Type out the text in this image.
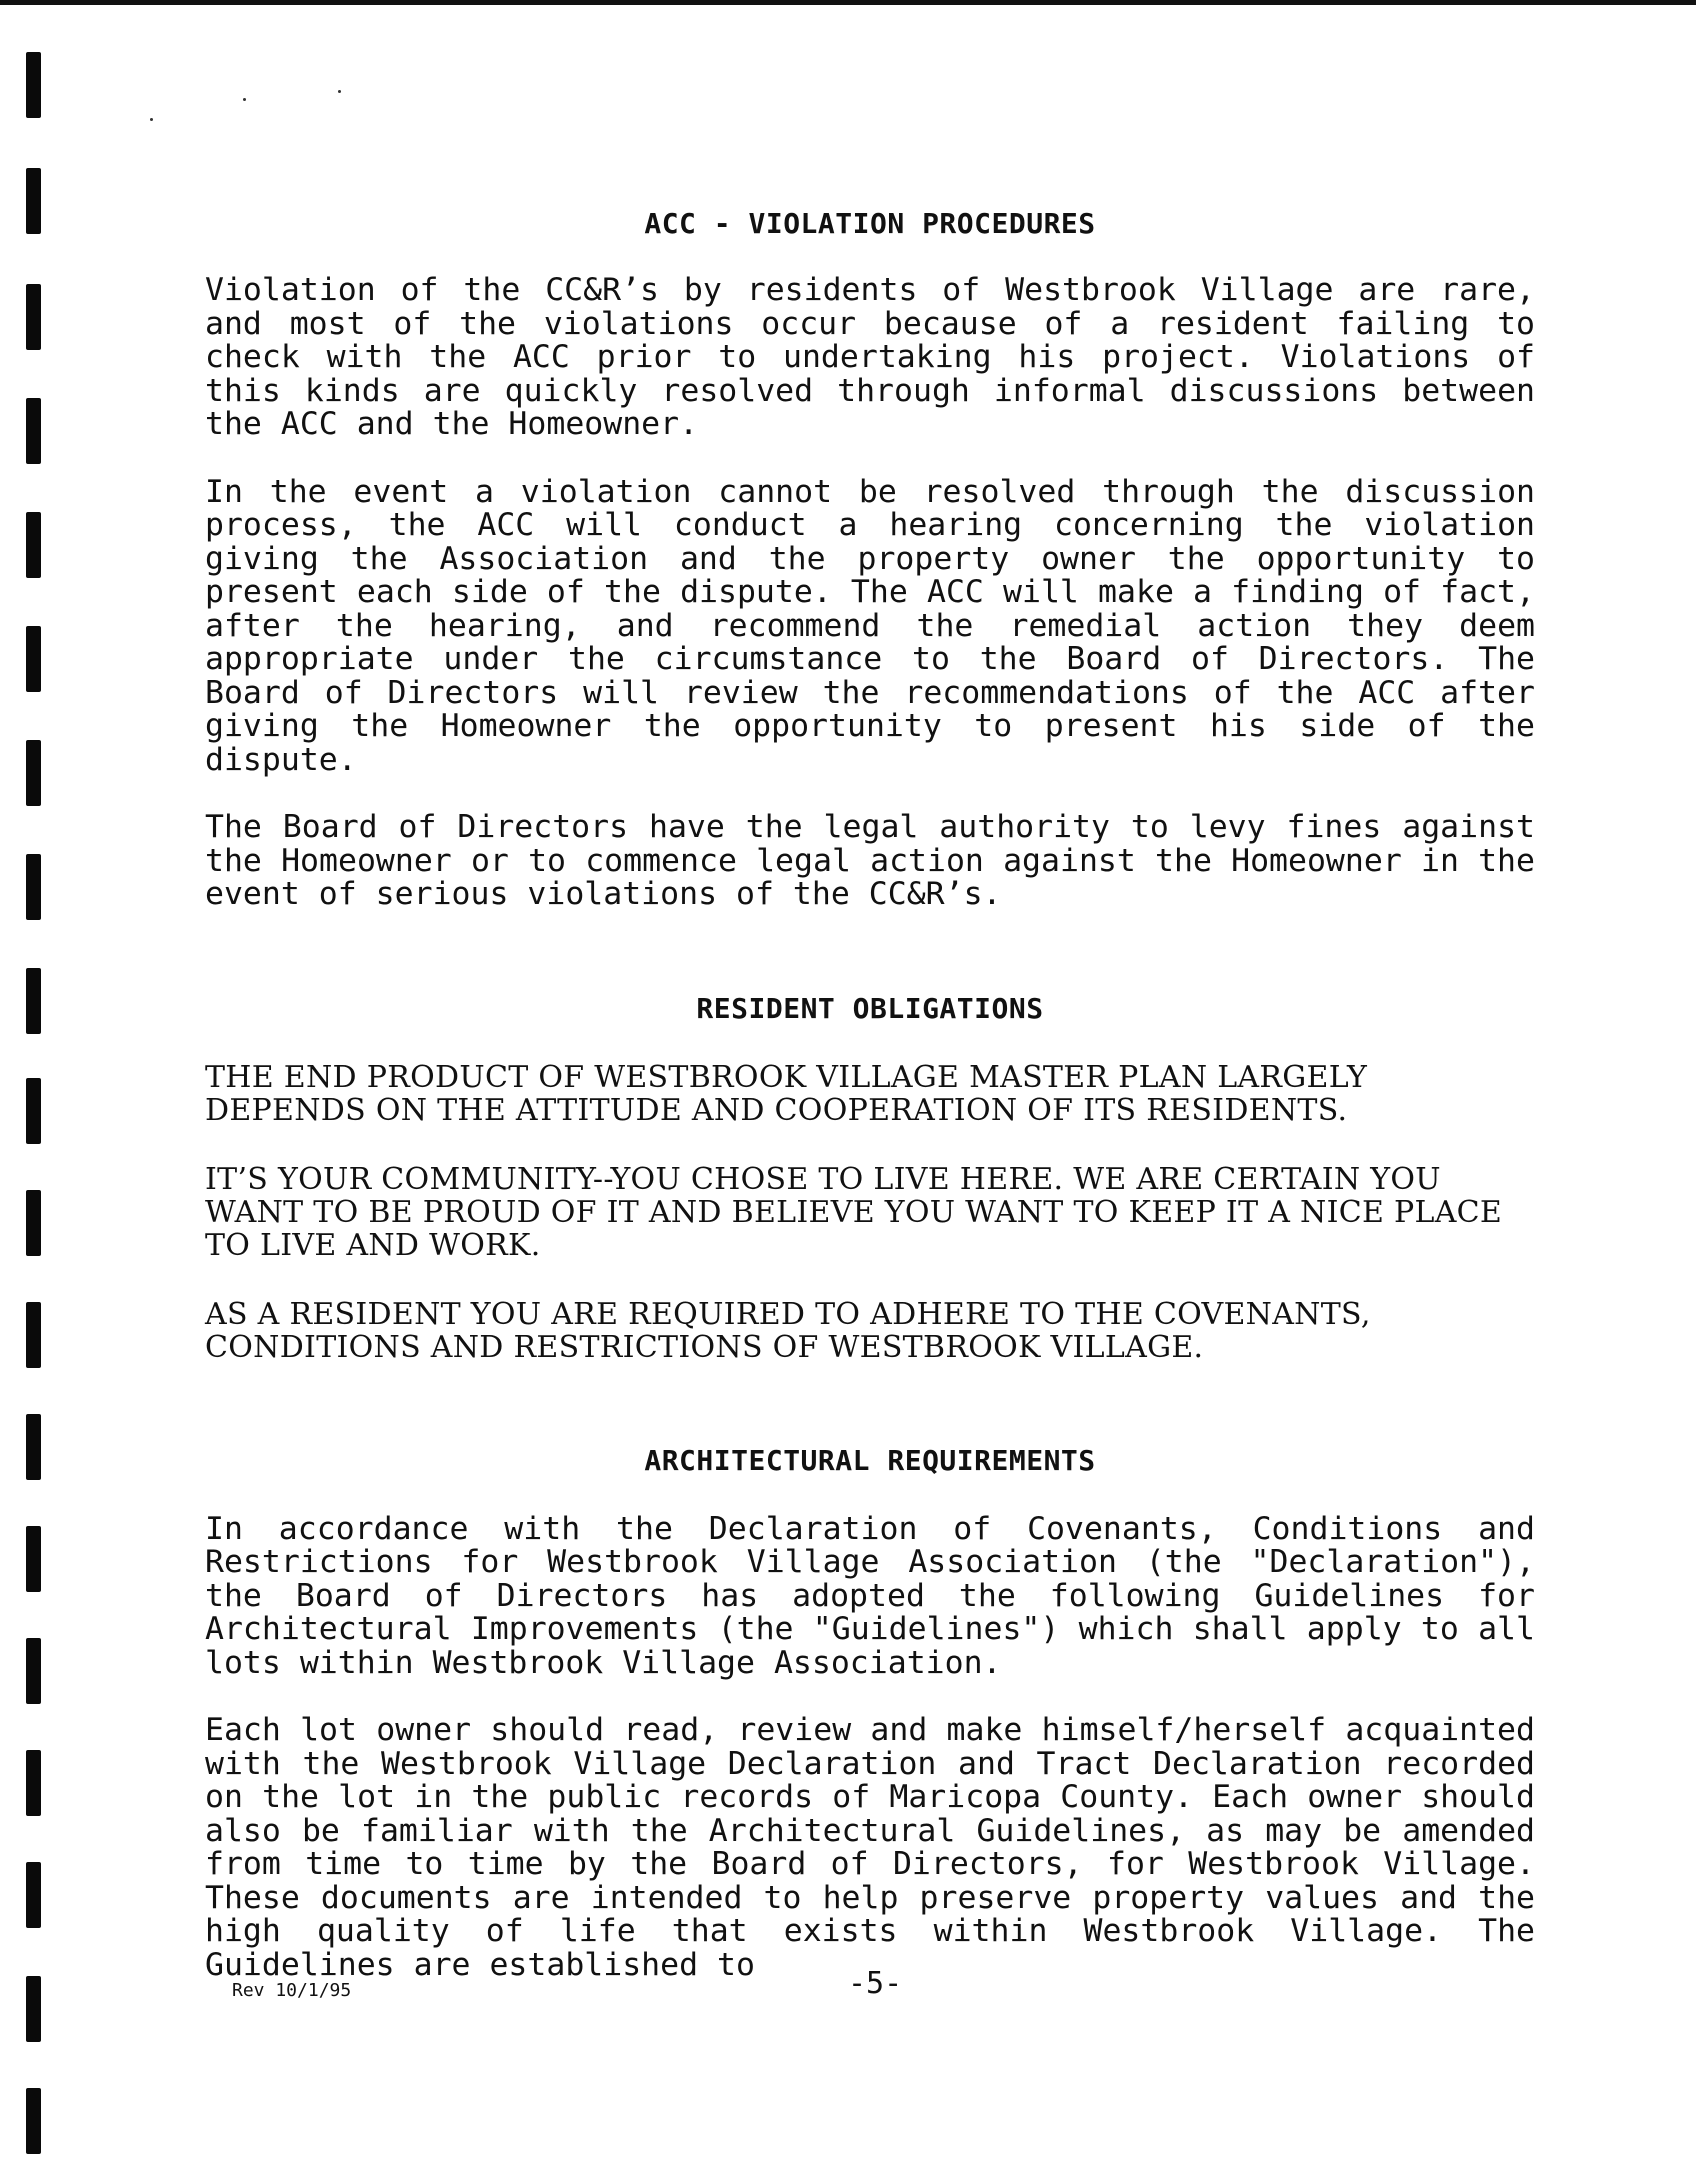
ACC - VIOLATION PROCEDURES

Violation of the CC&R’s by residents of Westbrook Village are rare, and most of the violations occur because of a resident failing to check with the ACC prior to undertaking his project. Violations of this kinds are quickly resolved through informal discussions between the ACC and the Homeowner.

In the event a violation cannot be resolved through the discussion process, the ACC will conduct a hearing concerning the violation giving the Association and the property owner the opportunity to present each side of the dispute. The ACC will make a finding of fact, after the hearing, and recommend the remedial action they deem appropriate under the circumstance to the Board of Directors. The Board of Directors will review the recommendations of the ACC after giving the Homeowner the opportunity to present his side of the dispute.

The Board of Directors have the legal authority to levy fines against the Homeowner or to commence legal action against the Homeowner in the event of serious violations of the CC&R’s.

RESIDENT OBLIGATIONS

THE END PRODUCT OF WESTBROOK VILLAGE MASTER PLAN LARGELY DEPENDS ON THE ATTITUDE AND COOPERATION OF ITS RESIDENTS.

IT’S YOUR COMMUNITY--YOU CHOSE TO LIVE HERE. WE ARE CERTAIN YOU WANT TO BE PROUD OF IT AND BELIEVE YOU WANT TO KEEP IT A NICE PLACE TO LIVE AND WORK.

AS A RESIDENT YOU ARE REQUIRED TO ADHERE TO THE COVENANTS, CONDITIONS AND RESTRICTIONS OF WESTBROOK VILLAGE.

ARCHITECTURAL REQUIREMENTS

In accordance with the Declaration of Covenants, Conditions and Restrictions for Westbrook Village Association (the "Declaration"), the Board of Directors has adopted the following Guidelines for Architectural Improvements (the "Guidelines") which shall apply to all lots within Westbrook Village Association.

Each lot owner should read, review and make himself/herself acquainted with the Westbrook Village Declaration and Tract Declaration recorded on the lot in the public records of Maricopa County. Each owner should also be familiar with the Architectural Guidelines, as may be amended from time to time by the Board of Directors, for Westbrook Village. These documents are intended to help preserve property values and the high quality of life that exists within Westbrook Village. The Guidelines are established to

Rev 10/1/95	-5-
